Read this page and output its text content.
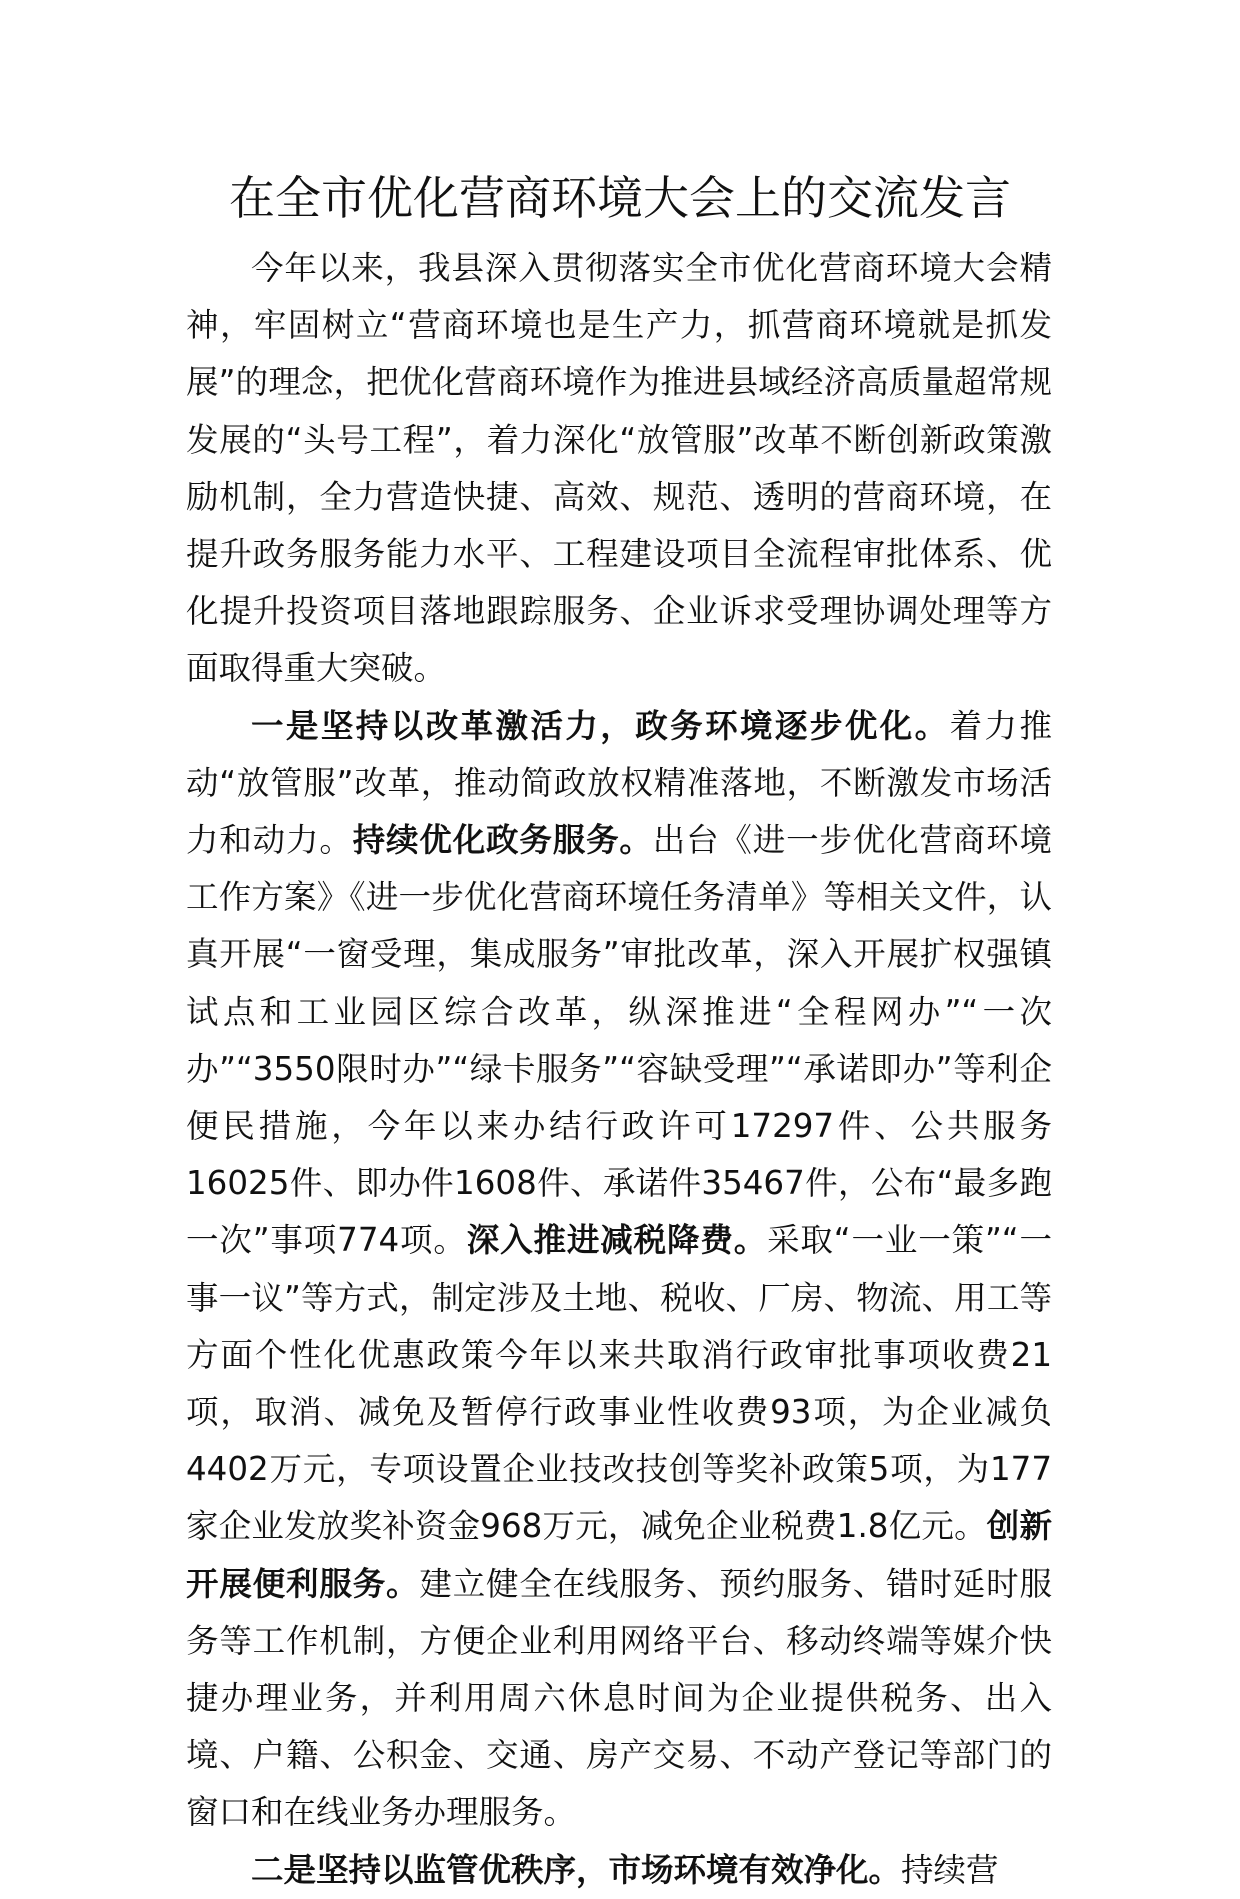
在全市优化营商环境大会上的交流发言

今年以来，我县深入贯彻落实全市优化营商环境大会精神，牢固树立“营商环境也是生产力，抓营商环境就是抓发展”的理念，把优化营商环境作为推进县域经济高质量超常规发展的“头号工程”，着力深化“放管服”改革不断创新政策激励机制，全力营造快捷、高效、规范、透明的营商环境，在提升政务服务能力水平、工程建设项目全流程审批体系、优化提升投资项目落地跟踪服务、企业诉求受理协调处理等方面取得重大突破。

一是坚持以改革激活力，政务环境逐步优化。着力推动“放管服”改革，推动简政放权精准落地，不断激发市场活力和动力。持续优化政务服务。出台《进一步优化营商环境工作方案》《进一步优化营商环境任务清单》等相关文件，认真开展“一窗受理，集成服务”审批改革，深入开展扩权强镇试点和工业园区综合改革，纵深推进“全程网办”“一次办”“3550限时办”“绿卡服务”“容缺受理”“承诺即办”等利企便民措施，今年以来办结行政许可17297件、公共服务16025件、即办件1608件、承诺件35467件，公布“最多跑一次”事项774项。深入推进减税降费。采取“一业一策”“一事一议”等方式，制定涉及土地、税收、厂房、物流、用工等方面个性化优惠政策今年以来共取消行政审批事项收费21项，取消、减免及暂停行政事业性收费93项，为企业减负4402万元，专项设置企业技改技创等奖补政策5项，为177家企业发放奖补资金968万元，减免企业税费1.8亿元。创新开展便利服务。建立健全在线服务、预约服务、错时延时服务等工作机制，方便企业利用网络平台、移动终端等媒介快捷办理业务，并利用周六休息时间为企业提供税务、出入境、户籍、公积金、交通、房产交易、不动产登记等部门的窗口和在线业务办理服务。

二是坚持以监管优秩序，市场环境有效净化。持续营
